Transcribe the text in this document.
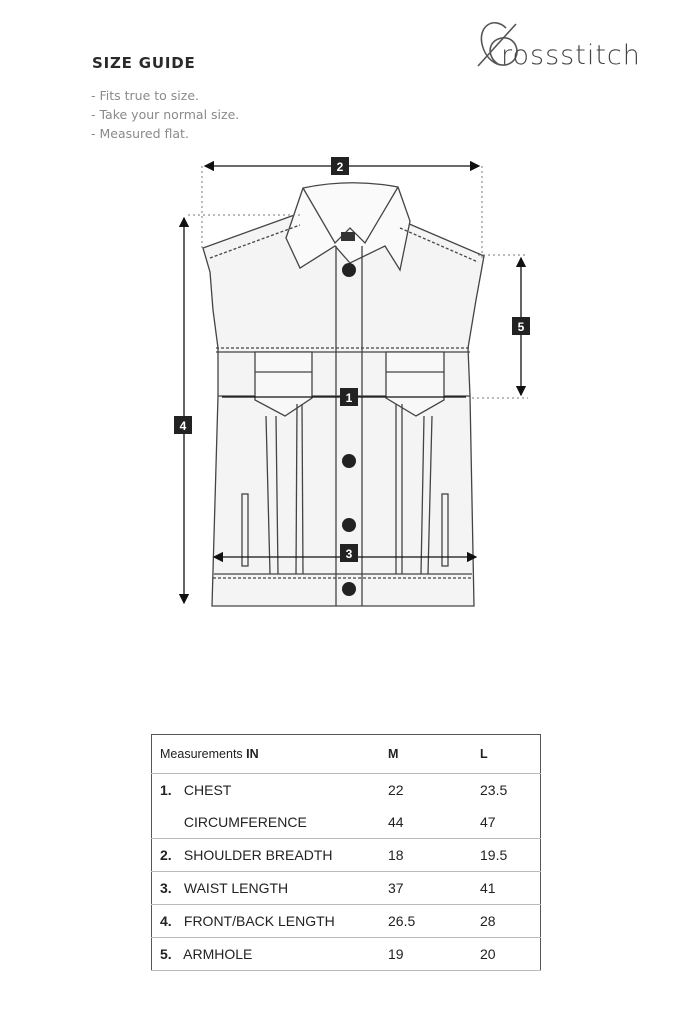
rossstitch
SIZE GUIDE
- Fits true to size.
- Take your normal size.
- Measured flat.
2
1
3
4
5
Measurements IN	M	L
1. CHEST	22	23.5
CIRCUMFERENCE	44	47
2. SHOULDER BREADTH	18	19.5
3. WAIST LENGTH	37	41
4. FRONT/BACK LENGTH	26.5	28
5. ARMHOLE	19	20
